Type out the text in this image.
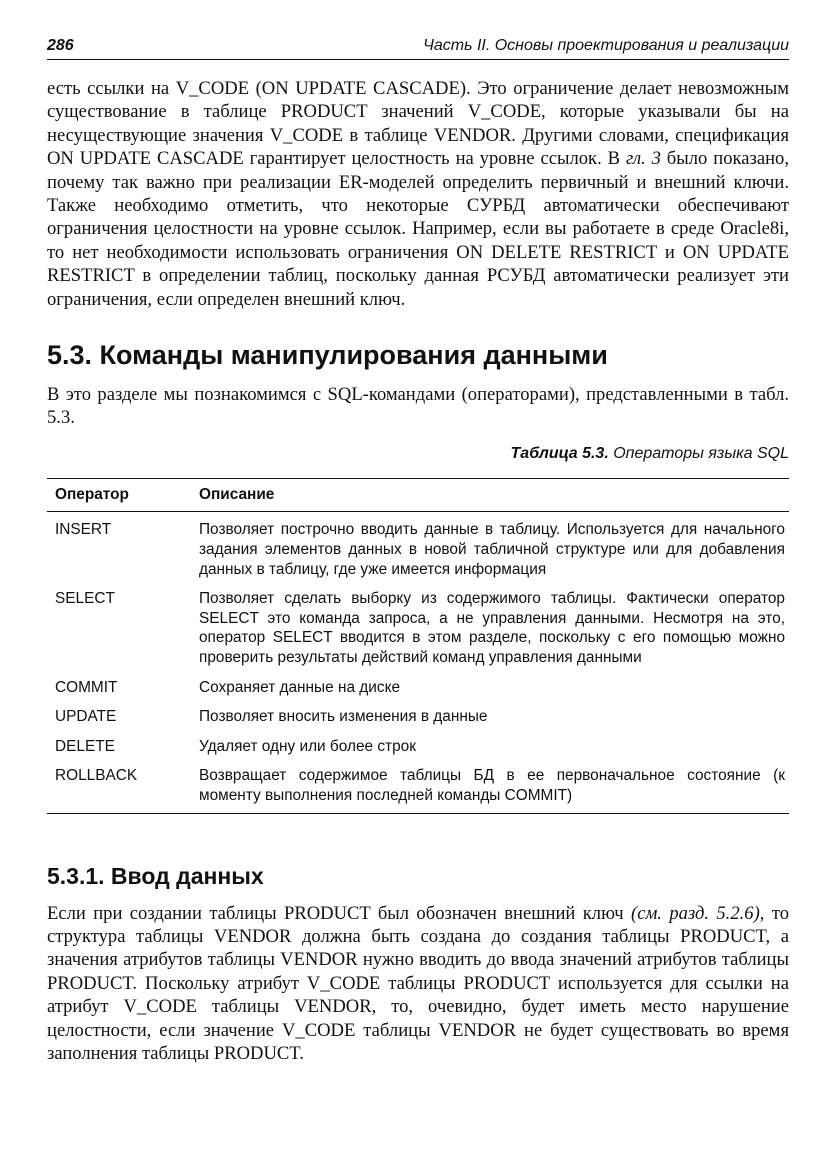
286	Часть II. Основы проектирования и реализации

есть ссылки на V_CODE (ON UPDATE CASCADE). Это ограничение делает невозможным существование в таблице PRODUCT значений V_CODE, которые указывали бы на несуществующие значения V_CODE в таблице VENDOR. Другими словами, спецификация ON UPDATE CASCADE гарантирует целостность на уровне ссылок. В гл. 3 было показано, почему так важно при реализации ER-моделей определить первичный и внешний ключи. Также необходимо отметить, что некоторые СУРБД автоматически обеспечивают ограничения целостности на уровне ссылок. Например, если вы работаете в среде Oracle8i, то нет необходимости использовать ограничения ON DELETE RESTRICT и ON UPDATE RESTRICT в определении таблиц, поскольку данная РСУБД автоматически реализует эти ограничения, если определен внешний ключ.

5.3. Команды манипулирования данными

В это разделе мы познакомимся с SQL-командами (операторами), представленными в табл. 5.3.

Таблица 5.3. Операторы языка SQL
Оператор	Описание
INSERT	Позволяет построчно вводить данные в таблицу. Используется для начального задания элементов данных в новой табличной структуре или для добавления данных в таблицу, где уже имеется информация
SELECT	Позволяет сделать выборку из содержимого таблицы. Фактически оператор SELECT это команда запроса, а не управления данными. Несмотря на это, оператор SELECT вводится в этом разделе, поскольку с его помощью можно проверить результаты действий команд управления данными
COMMIT	Сохраняет данные на диске
UPDATE	Позволяет вносить изменения в данные
DELETE	Удаляет одну или более строк
ROLLBACK	Возвращает содержимое таблицы БД в ее первоначальное состояние (к моменту выполнения последней команды COMMIT)
5.3.1. Ввод данных

Если при создании таблицы PRODUCT был обозначен внешний ключ (см. разд. 5.2.6), то структура таблицы VENDOR должна быть создана до создания таблицы PRODUCT, а значения атрибутов таблицы VENDOR нужно вводить до ввода значений атрибутов таблицы PRODUCT. Поскольку атрибут V_CODE таблицы PRODUCT используется для ссылки на атрибут V_CODE таблицы VENDOR, то, очевидно, будет иметь место нарушение целостности, если значение V_CODE таблицы VENDOR не будет существовать во время заполнения таблицы PRODUCT.
